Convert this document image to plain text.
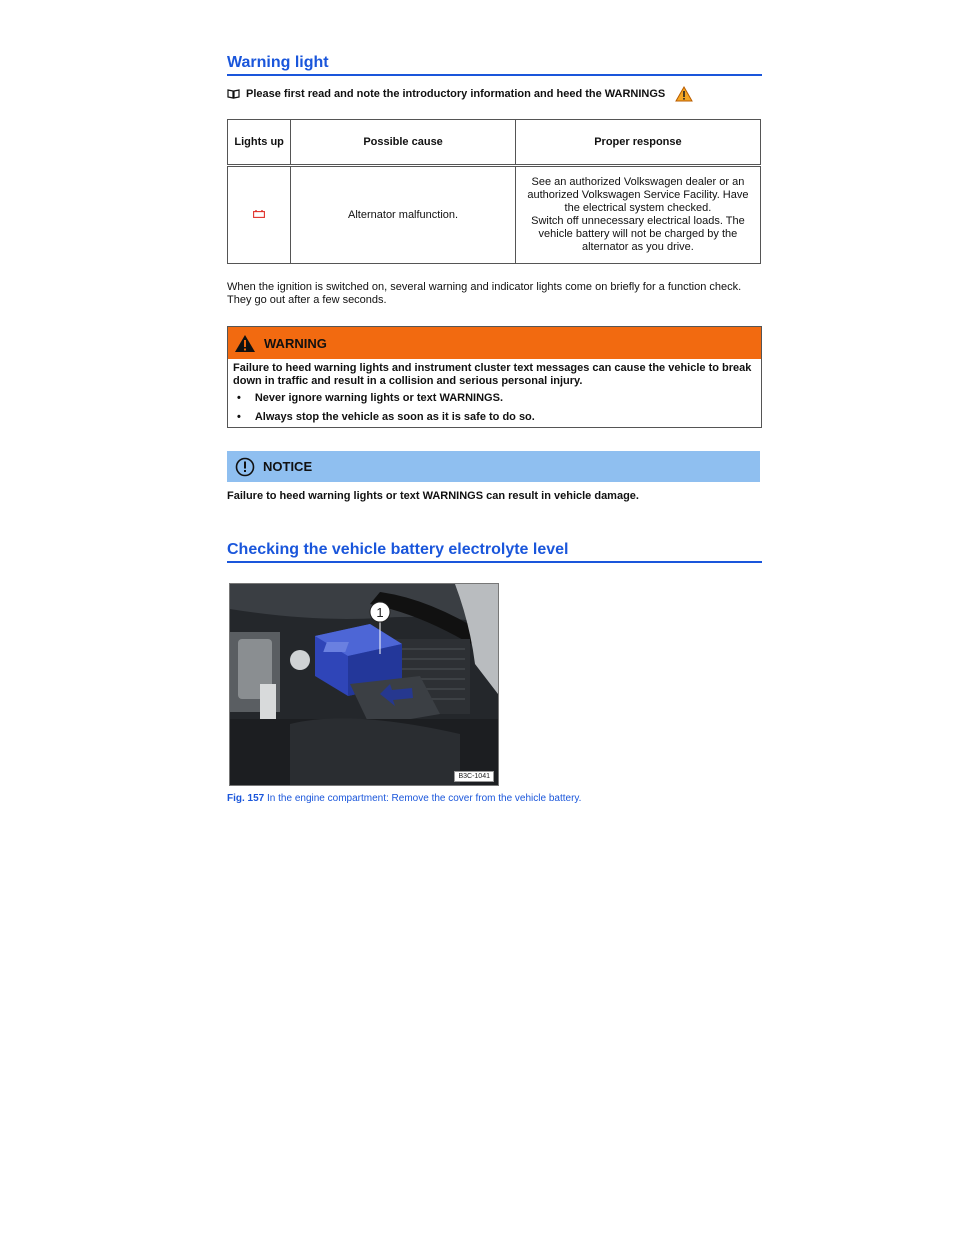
Warning light
Please first read and note the introductory information and heed the WARNINGS
Lights up	Possible cause	Proper response
	Alternator malfunction.	See an authorized Volkswagen dealer or an authorized Volkswagen Service Facility. Have the electrical system checked.
Switch off unnecessary electrical loads. The vehicle battery will not be charged by the alternator as you drive.
When the ignition is switched on, several warning and indicator lights come on briefly for a function check. They go out after a few seconds.
WARNING
Failure to heed warning lights and instrument cluster text messages can cause the vehicle to break down in traffic and result in a collision and serious personal injury.
• Never ignore warning lights or text WARNINGS.
• Always stop the vehicle as soon as it is safe to do so.
NOTICE
Failure to heed warning lights or text WARNINGS can result in vehicle damage.
Checking the vehicle battery electrolyte level
1
B3C-1041
Fig. 157 In the engine compartment: Remove the cover from the vehicle battery.
